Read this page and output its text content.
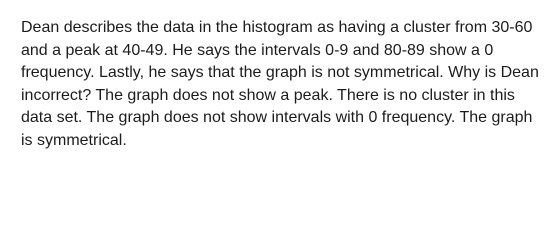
Dean describes the data in the histogram as having a cluster from 30-60 and a peak at 40-49. He says the intervals 0-9 and 80-89 show a 0 frequency. Lastly, he says that the graph is not symmetrical. Why is Dean incorrect? The graph does not show a peak. There is no cluster in this data set. The graph does not show intervals with 0 frequency. The graph is symmetrical.
